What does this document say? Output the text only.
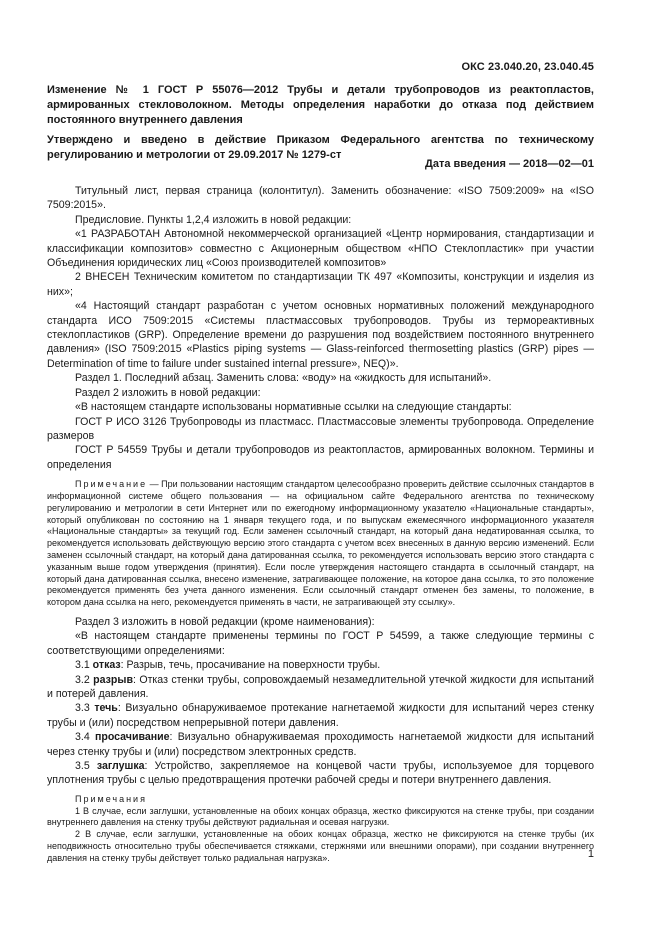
ОКС 23.040.20, 23.040.45
Изменение № 1 ГОСТ Р 55076—2012 Трубы и детали трубопроводов из реактопластов, армированных стекловолокном. Методы определения наработки до отказа под действием постоянного внутреннего давления
Утверждено и введено в действие Приказом Федерального агентства по техническому регулированию и метрологии от 29.09.2017 № 1279-ст
Дата введения — 2018—02—01

Титульный лист, первая страница (колонтитул). Заменить обозначение: «ISO 7509:2009» на «ISO 7509:2015».

Предисловие. Пункты 1,2,4 изложить в новой редакции:

«1 РАЗРАБОТАН Автономной некоммерческой организацией «Центр нормирования, стандартизации и классификации композитов» совместно с Акционерным обществом «НПО Стеклопластик» при участии Объединения юридических лиц «Союз производителей композитов»

2 ВНЕСЕН Техническим комитетом по стандартизации ТК 497 «Композиты, конструкции и изделия из них»;

«4 Настоящий стандарт разработан с учетом основных нормативных положений международного стандарта ИСО 7509:2015 «Системы пластмассовых трубопроводов. Трубы из термореактивных стеклопластиков (GRP). Определение времени до разрушения под воздействием постоянного внутреннего давления» (ISO 7509:2015 «Plastics piping systems — Glass-reinforced thermosetting plastics (GRP) pipes — Determination of time to failure under sustained internal pressure», NEQ)».

Раздел 1. Последний абзац. Заменить слова: «воду» на «жидкость для испытаний».

Раздел 2 изложить в новой редакции:

«В настоящем стандарте использованы нормативные ссылки на следующие стандарты:

ГОСТ Р ИСО 3126 Трубопроводы из пластмасс. Пластмассовые элементы трубопровода. Определение размеров

ГОСТ Р 54559 Трубы и детали трубопроводов из реактопластов, армированных волокном. Термины и определения

Примечание — При пользовании настоящим стандартом целесообразно проверить действие ссылочных стандартов в информационной системе общего пользования — на официальном сайте Федерального агентства по техническому регулированию и метрологии в сети Интернет или по ежегодному информационному указателю «Национальные стандарты», который опубликован по состоянию на 1 января текущего года, и по выпускам ежемесячного информационного указателя «Национальные стандарты» за текущий год. Если заменен ссылочный стандарт, на который дана недатированная ссылка, то рекомендуется использовать действующую версию этого стандарта с учетом всех внесенных в данную версию изменений. Если заменен ссылочный стандарт, на который дана датированная ссылка, то рекомендуется использовать версию этого стандарта с указанным выше годом утверждения (принятия). Если после утверждения настоящего стандарта в ссылочный стандарт, на который дана датированная ссылка, внесено изменение, затрагивающее положение, на которое дана ссылка, то это положение рекомендуется применять без учета данного изменения. Если ссылочный стандарт отменен без замены, то положение, в котором дана ссылка на него, рекомендуется применять в части, не затрагивающей эту ссылку».

Раздел 3 изложить в новой редакции (кроме наименования):

«В настоящем стандарте применены термины по ГОСТ Р 54599, а также следующие термины с соответствующими определениями:

3.1 отказ: Разрыв, течь, просачивание на поверхности трубы.

3.2 разрыв: Отказ стенки трубы, сопровождаемый незамедлительной утечкой жидкости для испытаний и потерей давления.

3.3 течь: Визуально обнаруживаемое протекание нагнетаемой жидкости для испытаний через стенку трубы и (или) посредством непрерывной потери давления.

3.4 просачивание: Визуально обнаруживаемая проходимость нагнетаемой жидкости для испытаний через стенку трубы и (или) посредством электронных средств.

3.5 заглушка: Устройство, закрепляемое на концевой части трубы, используемое для торцевого уплотнения трубы с целью предотвращения протечки рабочей среды и потери внутреннего давления.

Примечания

1 В случае, если заглушки, установленные на обоих концах образца, жестко фиксируются на стенке трубы, при создании внутреннего давления на стенку трубы действуют радиальная и осевая нагрузки.

2 В случае, если заглушки, установленные на обоих концах образца, жестко не фиксируются на стенке трубы (их неподвижность относительно трубы обеспечивается стяжками, стержнями или внешними опорами), при создании внутреннего давления на стенку трубы действует только радиальная нагрузка».	1
